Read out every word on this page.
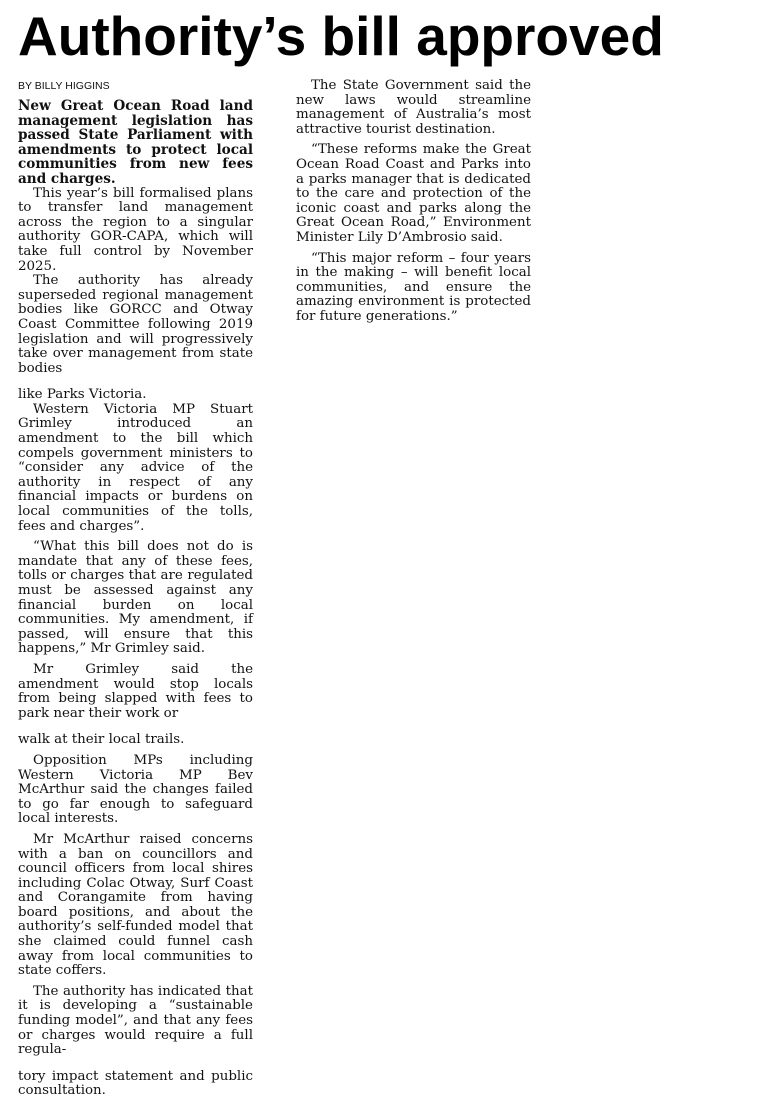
Authority’s bill approved
BY BILLY HIGGINS

New Great Ocean Road land management legislation has passed State Parliament with amendments to protect local communities from new fees and charges.

This year’s bill formalised plans to transfer land management across the region to a singular authority GOR-CAPA, which will take full control by November 2025.

The authority has already superseded regional management bodies like GORCC and Otway Coast Committee following 2019 legislation and will progressively take over management from state bodies

like Parks Victoria.

Western Victoria MP Stuart Grimley introduced an amendment to the bill which compels government ministers to “consider any advice of the authority in respect of any financial impacts or burdens on local communities of the tolls, fees and charges”.

“What this bill does not do is mandate that any of these fees, tolls or charges that are regulated must be assessed against any financial burden on local communities. My amendment, if passed, will ensure that this happens,” Mr Grimley said.

Mr Grimley said the amendment would stop locals from being slapped with fees to park near their work or

walk at their local trails.

Opposition MPs including Western Victoria MP Bev McArthur said the changes failed to go far enough to safeguard local interests.

Mr McArthur raised concerns with a ban on councillors and council officers from local shires including Colac Otway, Surf Coast and Corangamite from having board positions, and about the authority’s self-funded model that she claimed could funnel cash away from local communities to state coffers.

The authority has indicated that it is developing a “sustainable funding model”, and that any fees or charges would require a full regula-

tory impact statement and public consultation.

The State Government said the new laws would streamline management of Australia’s most attractive tourist destination.

“These reforms make the Great Ocean Road Coast and Parks into a parks manager that is dedicated to the care and protection of the iconic coast and parks along the Great Ocean Road,” Environment Minister Lily D’Ambrosio said.

“This major reform – four years in the making – will benefit local communities, and ensure the amazing environment is protected for future generations.”
